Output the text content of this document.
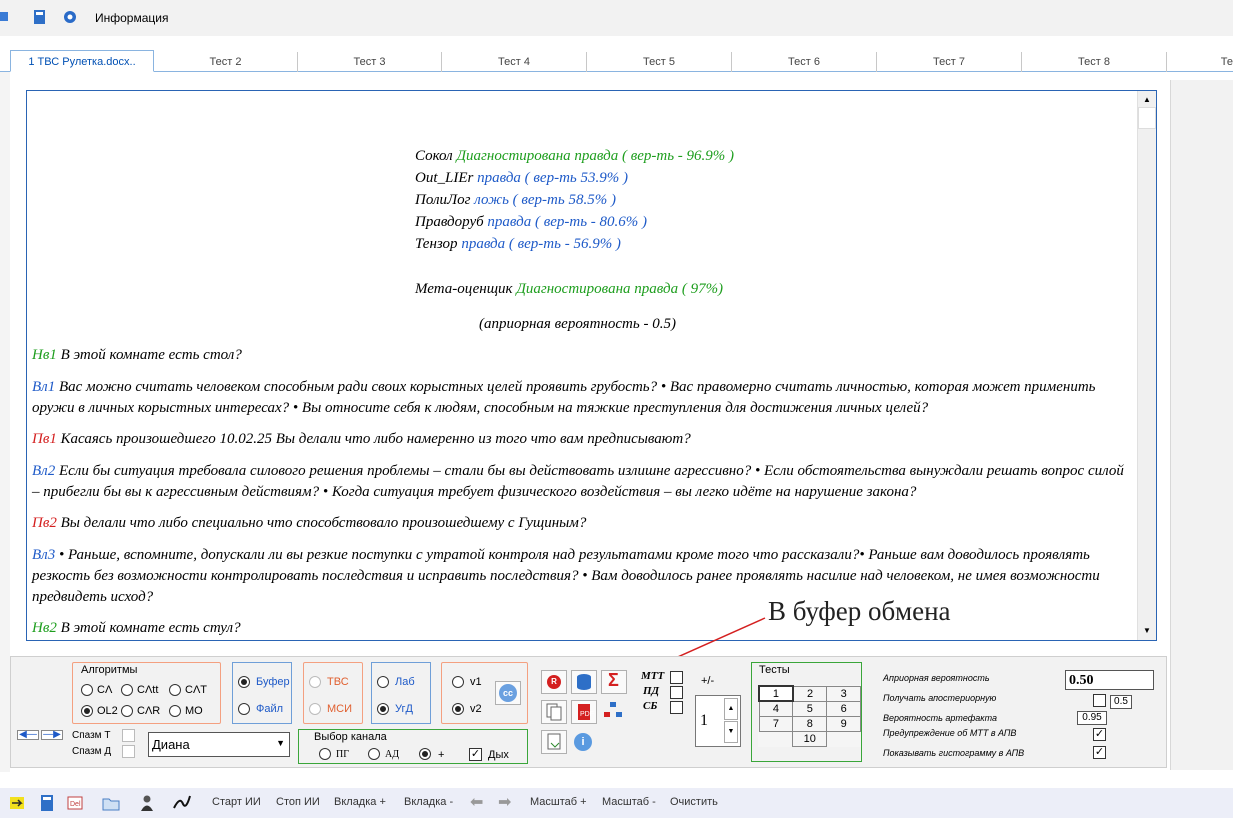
Информация
1 ТВС Рулетка.docx..	Тест 2	Тест 3	Тест 4	Тест 5	Тест 6	Тест 7	Тест 8	Те
Сокол Диагностирована правда ( вер-ть - 96.9% )
Out_LIEr правда ( вер-ть 53.9% )
ПолиЛог ложь ( вер-ть 58.5% )
Правдоруб правда ( вер-ть - 80.6% )
Тензор правда ( вер-ть - 56.9% )
Мета-оценщик Диагностирована правда ( 97%)
(априорная вероятность - 0.5)
Нв1 В этой комнате есть стол?
Вл1 Вас можно считать человеком способным ради своих корыстных целей проявить грубость? • Вас правомерно считать личностью, которая может применить оружи в личных корыстных интересах? • Вы относите себя к людям, способным на тяжкие преступления для достижения личных целей?
Пв1 Касаясь произошедшего 10.02.25 Вы делали что либо намеренно из того что вам предписывают?
Вл2 Если бы ситуация требовала силового решения проблемы – стали бы вы действовать излишне агрессивно? • Если обстоятельства вынуждали решать вопрос силой – прибегли бы вы к агрессивным действиям? • Когда ситуация требует физического воздействия – вы легко идёте на нарушение закона?
Пв2 Вы делали что либо специально что способствовало произошедшему с Гущиным?
Вл3 • Раньше, вспомните, допускали ли вы резкие поступки с утратой контроля над результатами кроме того что рассказали?• Раньше вам доводилось проявлять резкость без возможности контролировать последствия и исправить последствия? • Вам доводилось ранее проявлять насилие над человеком, не имея возможности предвидеть исход?
Нв2 В этой комнате есть стул?
▲
▼
В буфер обмена
Алгоритмы
CΛ CΛtt CΛT
OL2 CΛR MO
Буфер
Файл
ТВС
МСИ
Лаб
УгД
v1
v2
cc
R	Σ
PDF
i
МТТ
ПД
СБ
+/-
1
▲
▼
Тесты
1	2	3
4	5	6
7	8	9
	10	
Априорная вероятность	0.50
Получать апостериорную	0.5
Вероятность артефакта	0.95
Предупреждение об МТТ в АПВ	✓
Показывать гистограмму в АПВ	✓
◀— —▶ Спазм Т
Спазм Д	Диана	▼	Выбор канала
ПГ	АД	+ ✓ Дых
Del	Старт ИИ Стоп ИИ Вкладка + Вкладка - ⬅ ➡ Масштаб + Масштаб - Очистить
